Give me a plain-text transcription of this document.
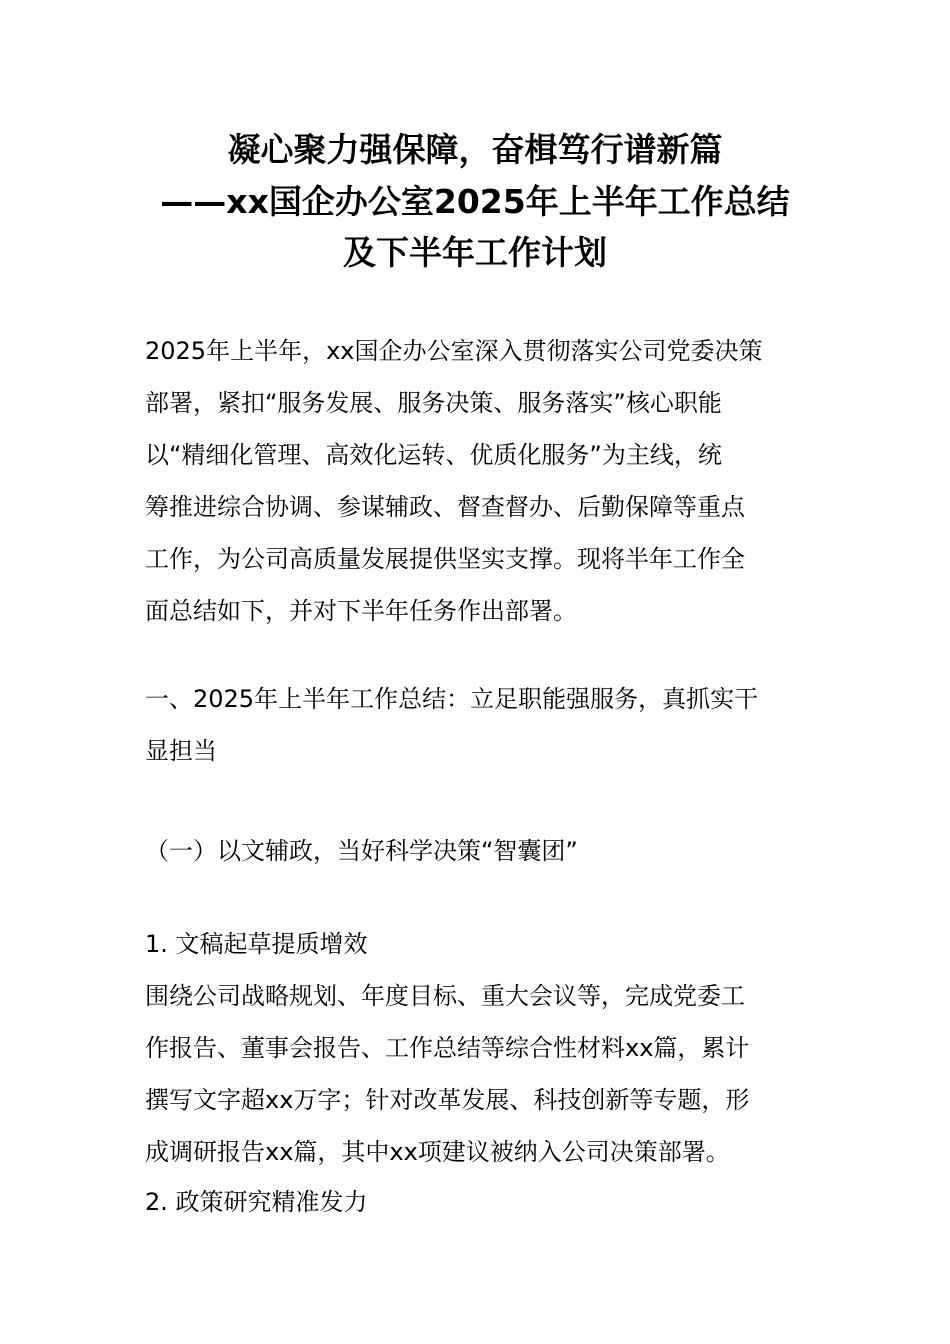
凝心聚力强保障，奋楫笃行谱新篇
——xx国企办公室2025年上半年工作总结
及下半年工作计划
2025年上半年，xx国企办公室深入贯彻落实公司党委决策
部署，紧扣“服务发展、服务决策、服务落实”核心职能
以“精细化管理、高效化运转、优质化服务”为主线，统
筹推进综合协调、参谋辅政、督查督办、后勤保障等重点
工作，为公司高质量发展提供坚实支撑。现将半年工作全
面总结如下，并对下半年任务作出部署。
一、2025年上半年工作总结：立足职能强服务，真抓实干
显担当
（一）以文辅政，当好科学决策“智囊团”
1. 文稿起草提质增效
围绕公司战略规划、年度目标、重大会议等，完成党委工
作报告、董事会报告、工作总结等综合性材料xx篇，累计
撰写文字超xx万字；针对改革发展、科技创新等专题，形
成调研报告xx篇，其中xx项建议被纳入公司决策部署。
2. 政策研究精准发力
